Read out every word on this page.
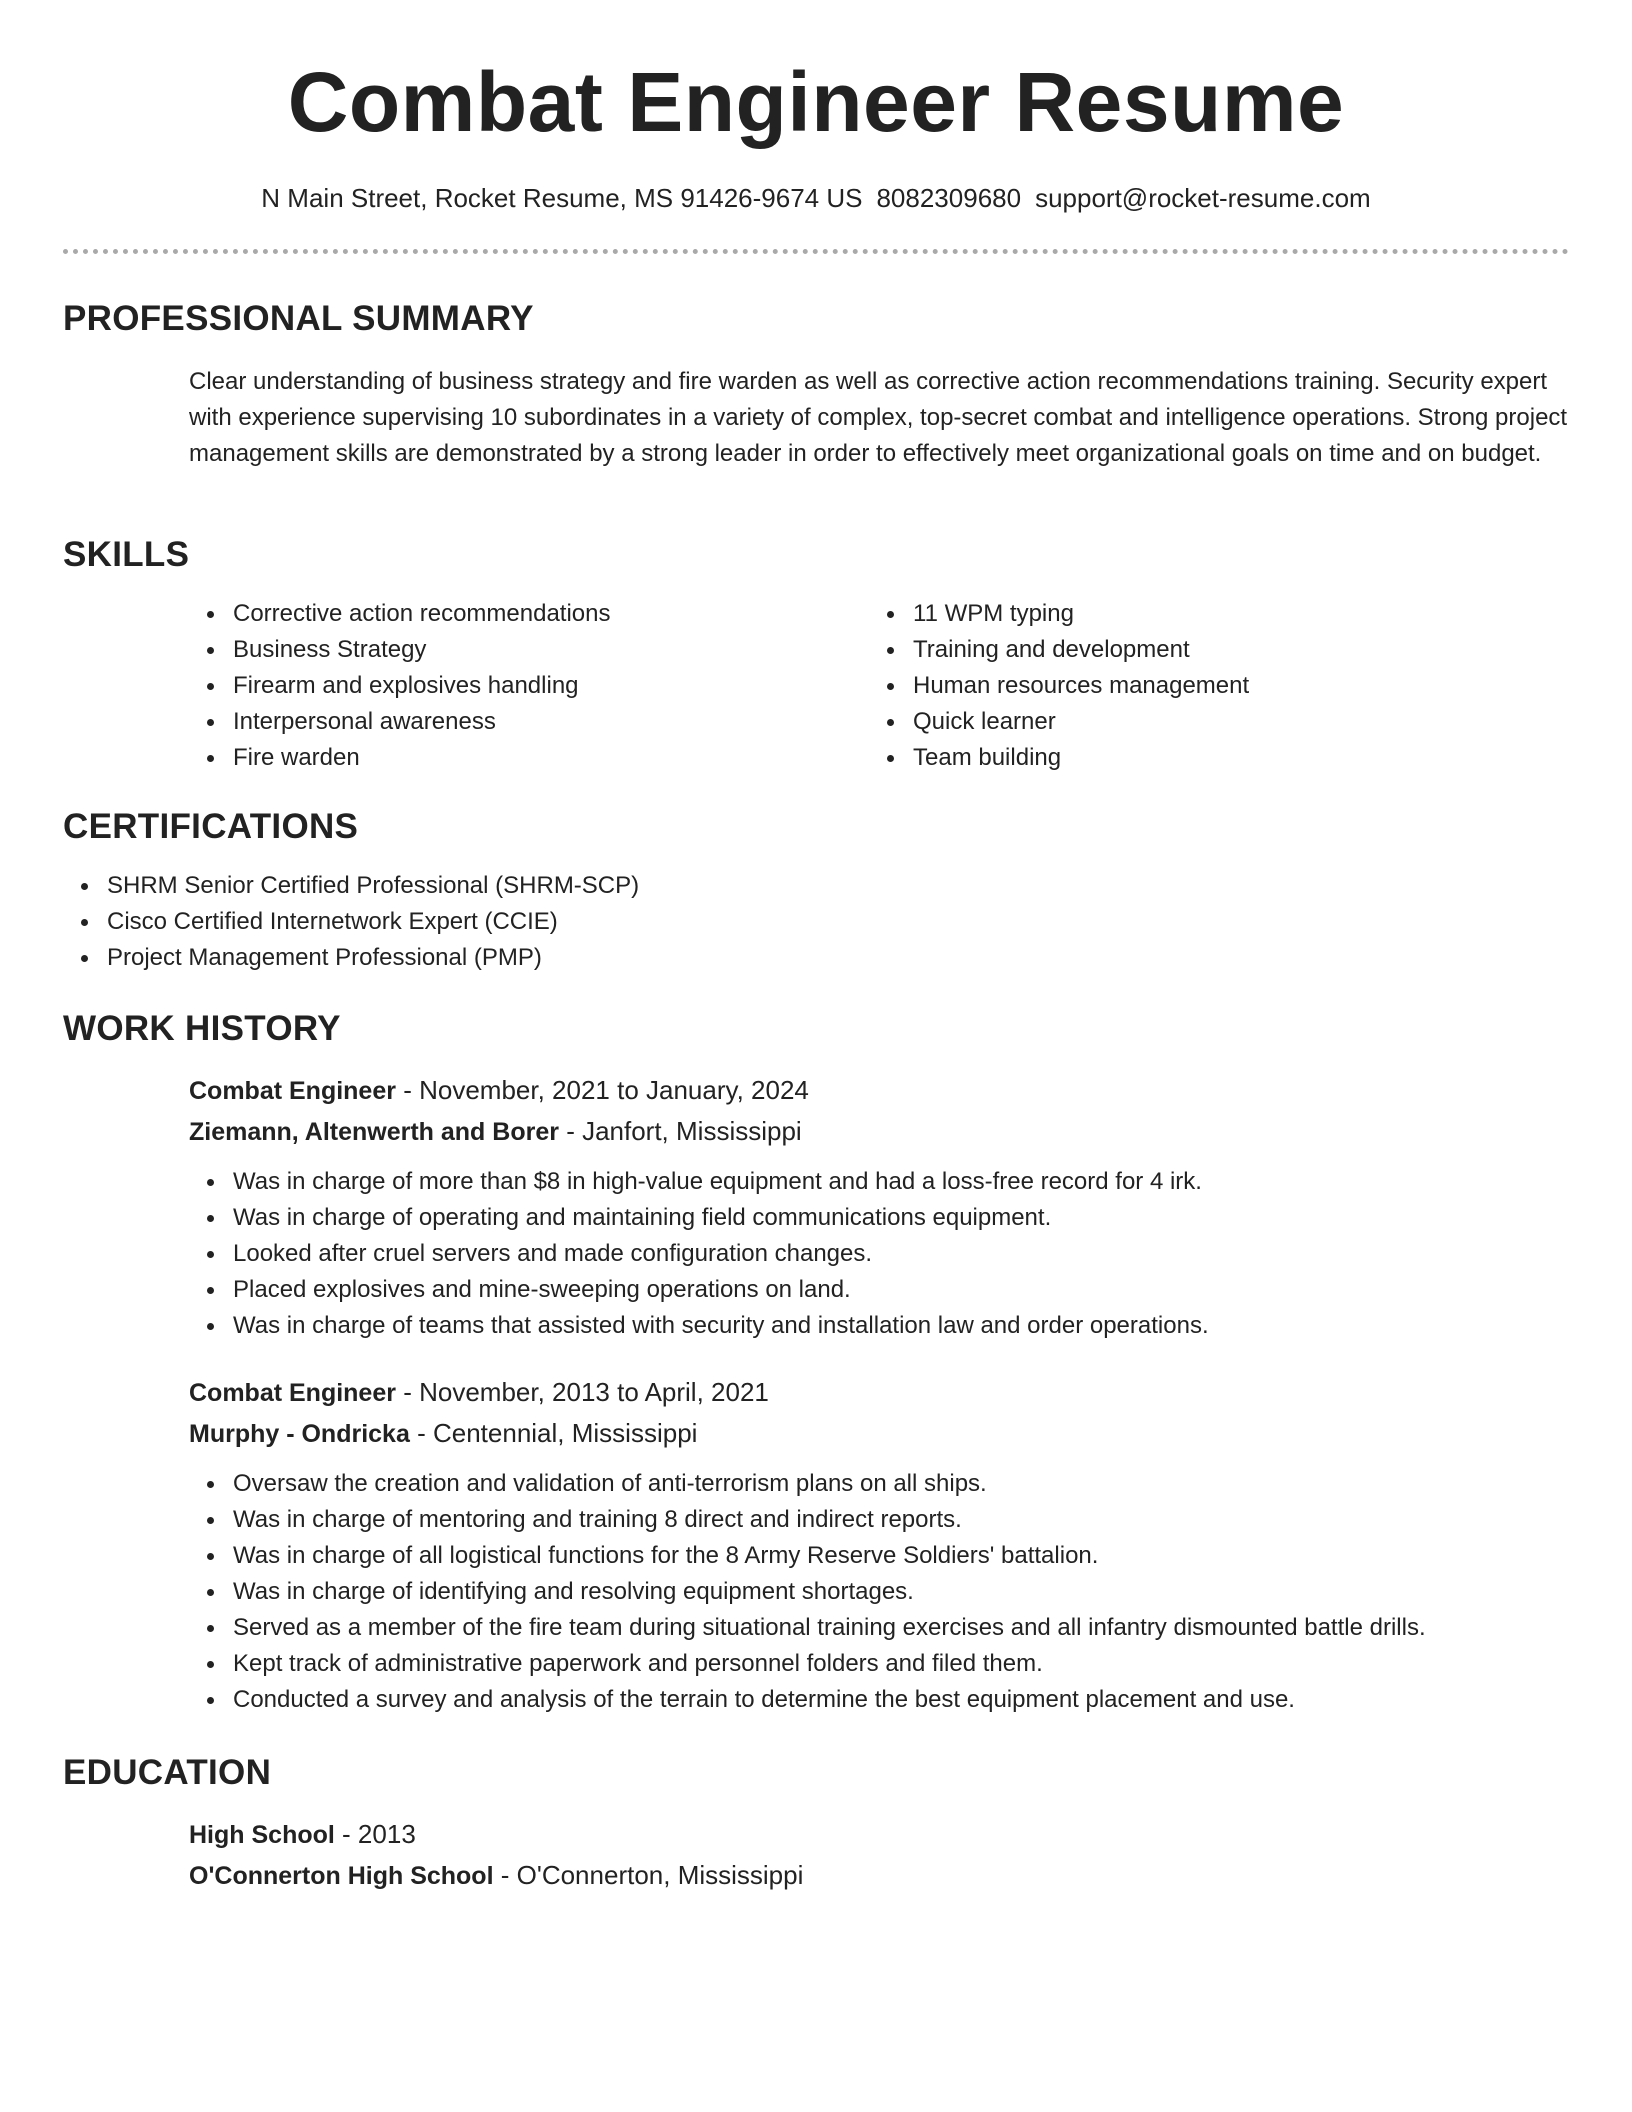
Combat Engineer Resume
N Main Street, Rocket Resume, MS 91426-9674 US 8082309680 support@rocket-resume.com
PROFESSIONAL SUMMARY
Clear understanding of business strategy and fire warden as well as corrective action recommendations training. Security expert with experience supervising 10 subordinates in a variety of complex, top-secret combat and intelligence operations. Strong project management skills are demonstrated by a strong leader in order to effectively meet organizational goals on time and on budget.
SKILLS
Corrective action recommendations
Business Strategy
Firearm and explosives handling
Interpersonal awareness
Fire warden
11 WPM typing
Training and development
Human resources management
Quick learner
Team building
CERTIFICATIONS
SHRM Senior Certified Professional (SHRM-SCP)
Cisco Certified Internetwork Expert (CCIE)
Project Management Professional (PMP)
WORK HISTORY
Combat Engineer - November, 2021 to January, 2024
Ziemann, Altenwerth and Borer - Janfort, Mississippi
Was in charge of more than $8 in high-value equipment and had a loss-free record for 4 irk.
Was in charge of operating and maintaining field communications equipment.
Looked after cruel servers and made configuration changes.
Placed explosives and mine-sweeping operations on land.
Was in charge of teams that assisted with security and installation law and order operations.
Combat Engineer - November, 2013 to April, 2021
Murphy - Ondricka - Centennial, Mississippi
Oversaw the creation and validation of anti-terrorism plans on all ships.
Was in charge of mentoring and training 8 direct and indirect reports.
Was in charge of all logistical functions for the 8 Army Reserve Soldiers' battalion.
Was in charge of identifying and resolving equipment shortages.
Served as a member of the fire team during situational training exercises and all infantry dismounted battle drills.
Kept track of administrative paperwork and personnel folders and filed them.
Conducted a survey and analysis of the terrain to determine the best equipment placement and use.
EDUCATION
High School - 2013
O'Connerton High School - O'Connerton, Mississippi
